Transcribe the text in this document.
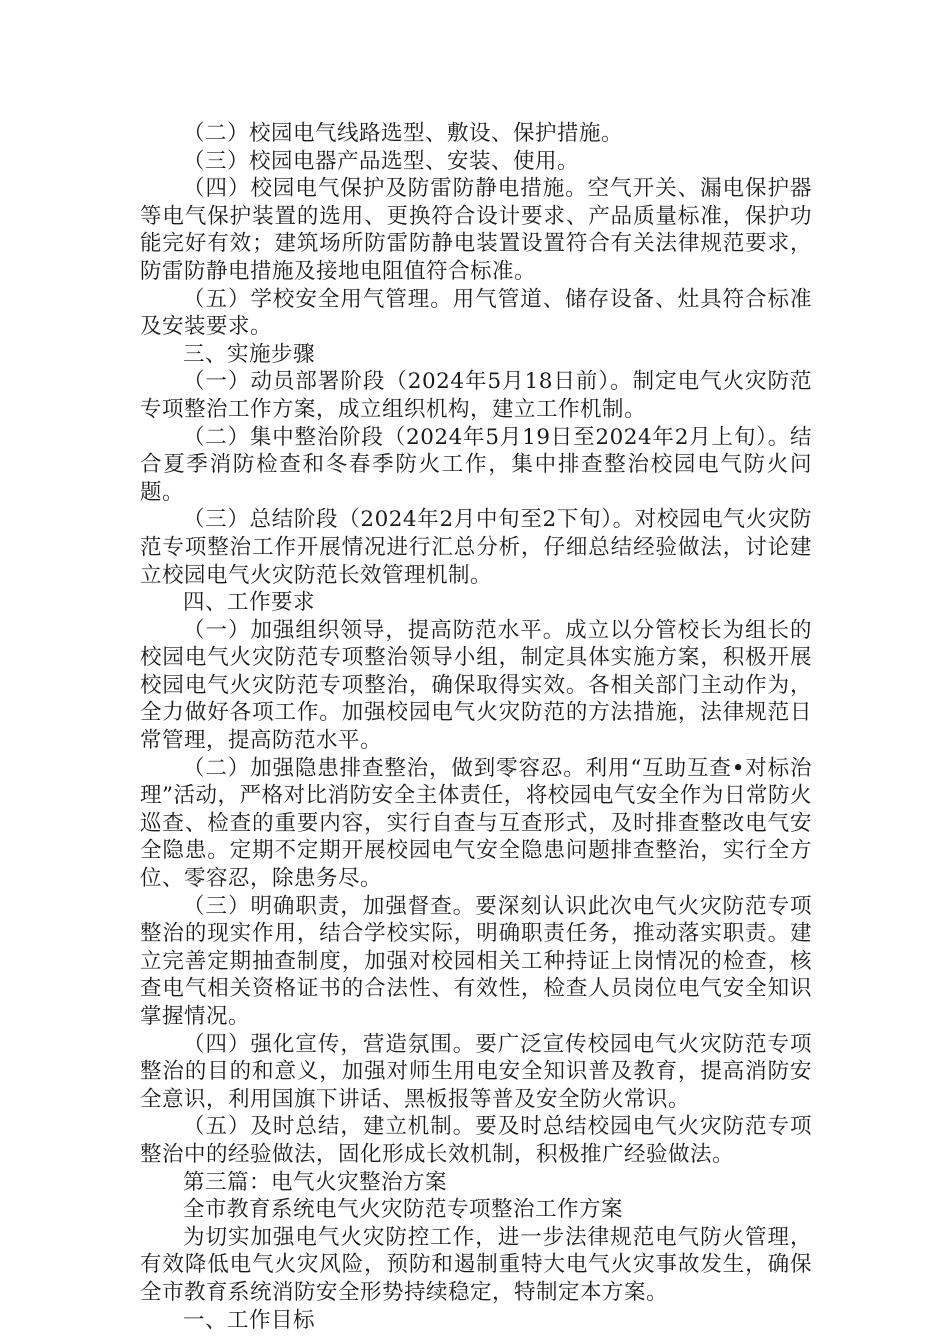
（二）校园电气线路选型、敷设、保护措施。

（三）校园电器产品选型、安装、使用。

（四）校园电气保护及防雷防静电措施。空气开关、漏电保护器等电气保护装置的选用、更换符合设计要求、产品质量标准，保护功能完好有效；建筑场所防雷防静电装置设置符合有关法律规范要求，防雷防静电措施及接地电阻值符合标准。

（五）学校安全用气管理。用气管道、储存设备、灶具符合标准及安装要求。

三、实施步骤

（一）动员部署阶段（2024年5月18日前）。制定电气火灾防范专项整治工作方案，成立组织机构，建立工作机制。

（二）集中整治阶段（2024年5月19日至2024年2月上旬）。结合夏季消防检查和冬春季防火工作，集中排查整治校园电气防火问题。

（三）总结阶段（2024年2月中旬至2下旬）。对校园电气火灾防范专项整治工作开展情况进行汇总分析，仔细总结经验做法，讨论建立校园电气火灾防范长效管理机制。

四、工作要求

（一）加强组织领导，提高防范水平。成立以分管校长为组长的校园电气火灾防范专项整治领导小组，制定具体实施方案，积极开展校园电气火灾防范专项整治，确保取得实效。各相关部门主动作为，全力做好各项工作。加强校园电气火灾防范的方法措施，法律规范日常管理，提高防范水平。

（二）加强隐患排查整治，做到零容忍。利用“互助互查•对标治理”活动，严格对比消防安全主体责任，将校园电气安全作为日常防火巡查、检查的重要内容，实行自查与互查形式，及时排查整改电气安全隐患。定期不定期开展校园电气安全隐患问题排查整治，实行全方位、零容忍，除患务尽。

（三）明确职责，加强督查。要深刻认识此次电气火灾防范专项整治的现实作用，结合学校实际，明确职责任务，推动落实职责。建立完善定期抽查制度，加强对校园相关工种持证上岗情况的检查，核查电气相关资格证书的合法性、有效性，检查人员岗位电气安全知识掌握情况。

（四）强化宣传，营造氛围。要广泛宣传校园电气火灾防范专项整治的目的和意义，加强对师生用电安全知识普及教育，提高消防安全意识，利用国旗下讲话、黑板报等普及安全防火常识。

（五）及时总结，建立机制。要及时总结校园电气火灾防范专项整治中的经验做法，固化形成长效机制，积极推广经验做法。

第三篇：电气火灾整治方案

全市教育系统电气火灾防范专项整治工作方案

为切实加强电气火灾防控工作，进一步法律规范电气防火管理，有效降低电气火灾风险，预防和遏制重特大电气火灾事故发生，确保全市教育系统消防安全形势持续稳定，特制定本方案。

一、工作目标
